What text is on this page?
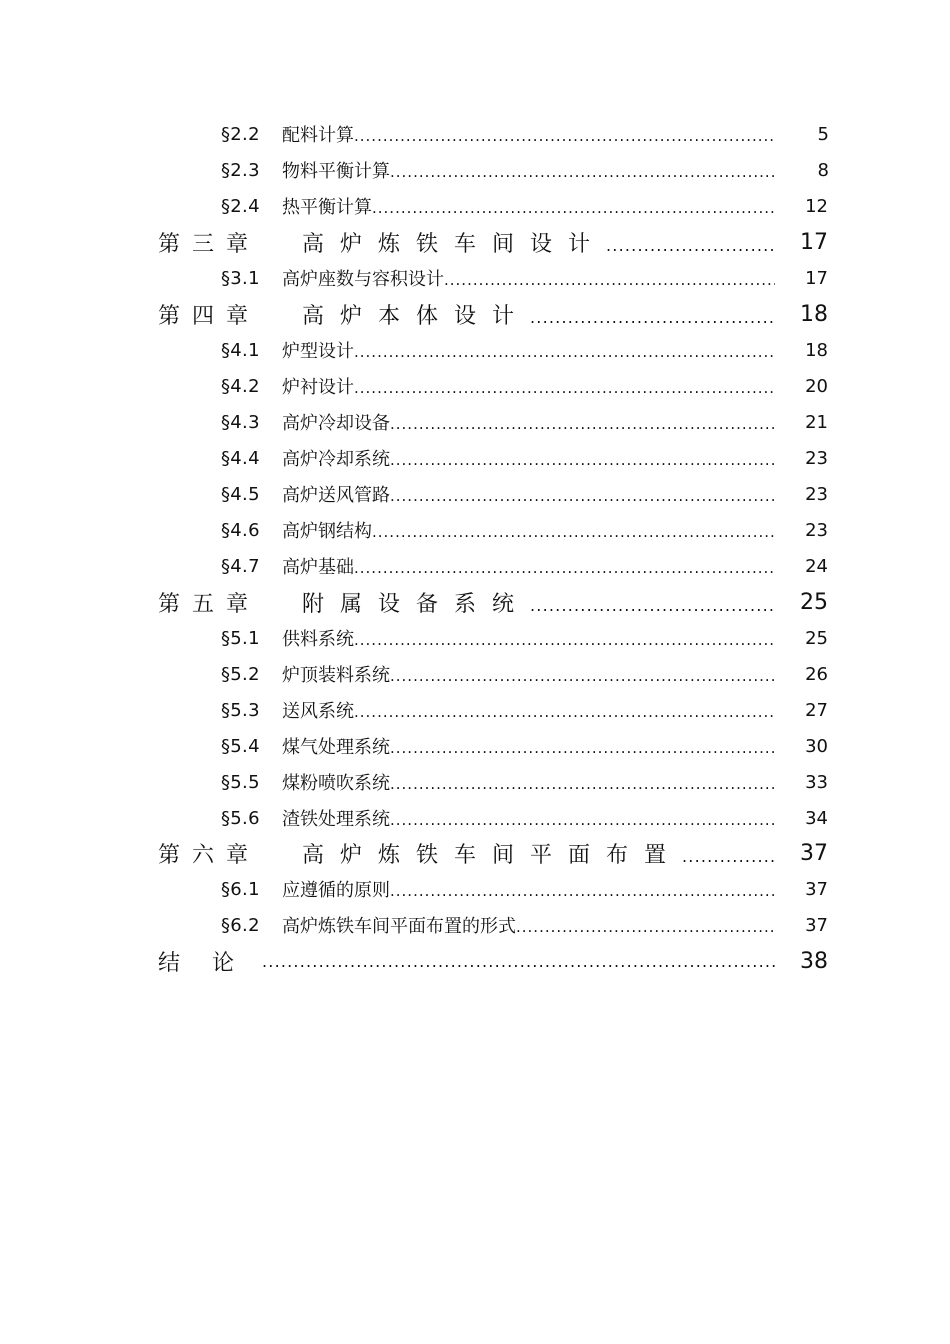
§2.2 配料计算 .....	5
§2.3 物料平衡计算 .....	8
§2.4 热平衡计算 .....	12
第三章 高炉炼铁车间设计 .....	17
§3.1 高炉座数与容积设计 .....	17
第四章 高炉本体设计 .....	18
§4.1 炉型设计 .....	18
§4.2 炉衬设计 .....	20
§4.3 高炉冷却设备 .....	21
§4.4 高炉冷却系统 .....	23
§4.5 高炉送风管路 .....	23
§4.6 高炉钢结构 .....	23
§4.7 高炉基础 .....	24
第五章 附属设备系统 .....	25
§5.1 供料系统 .....	25
§5.2 炉顶装料系统 .....	26
§5.3 送风系统 .....	27
§5.4 煤气处理系统 .....	30
§5.5 煤粉喷吹系统 .....	33
§5.6 渣铁处理系统 .....	34
第六章 高炉炼铁车间平面布置 .....	37
§6.1 应遵循的原则 .....	37
§6.2 高炉炼铁车间平面布置的形式 .....	37
结论 .....	38
